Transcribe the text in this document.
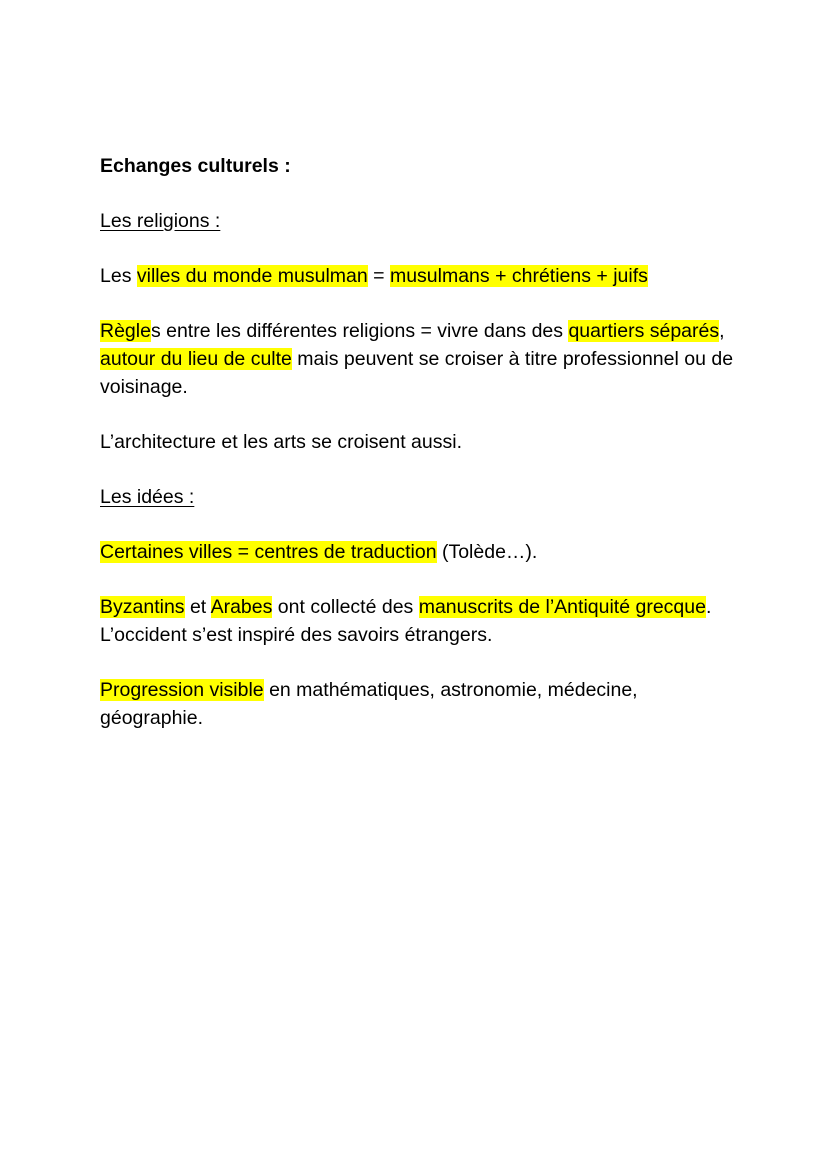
Echanges culturels :

Les religions :

Les villes du monde musulman = musulmans + chrétiens + juifs

Règles entre les différentes religions = vivre dans des quartiers séparés, autour du lieu de culte mais peuvent se croiser à titre professionnel ou de voisinage.

L’architecture et les arts se croisent aussi.

Les idées :

Certaines villes = centres de traduction (Tolède…).

Byzantins et Arabes ont collecté des manuscrits de l’Antiquité grecque. L’occident s’est inspiré des savoirs étrangers.

Progression visible en mathématiques, astronomie, médecine, géographie.
